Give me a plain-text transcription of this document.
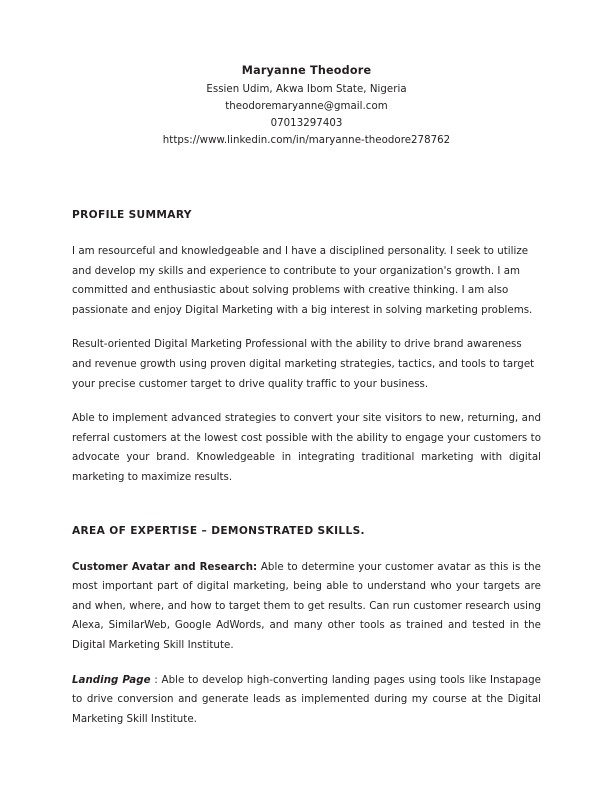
Maryanne Theodore

Essien Udim, Akwa Ibom State, Nigeria

theodoremaryanne@gmail.com

07013297403

https://www.linkedin.com/in/maryanne-theodore278762

PROFILE SUMMARY

I am resourceful and knowledgeable and I have a disciplined personality. I seek to utilize and develop my skills and experience to contribute to your organization's growth. I am committed and enthusiastic about solving problems with creative thinking. I am also passionate and enjoy Digital Marketing with a big interest in solving marketing problems.

Result-oriented Digital Marketing Professional with the ability to drive brand awareness and revenue growth using proven digital marketing strategies, tactics, and tools to target your precise customer target to drive quality traffic to your business.

Able to implement advanced strategies to convert your site visitors to new, returning, and referral customers at the lowest cost possible with the ability to engage your customers to advocate your brand. Knowledgeable in integrating traditional marketing with digital marketing to maximize results.

AREA OF EXPERTISE – DEMONSTRATED SKILLS.

Customer Avatar and Research: Able to determine your customer avatar as this is the most important part of digital marketing, being able to understand who your targets are and when, where, and how to target them to get results. Can run customer research using Alexa, SimilarWeb, Google AdWords, and many other tools as trained and tested in the Digital Marketing Skill Institute.

Landing Page : Able to develop high-converting landing pages using tools like Instapage to drive conversion and generate leads as implemented during my course at the Digital Marketing Skill Institute.
